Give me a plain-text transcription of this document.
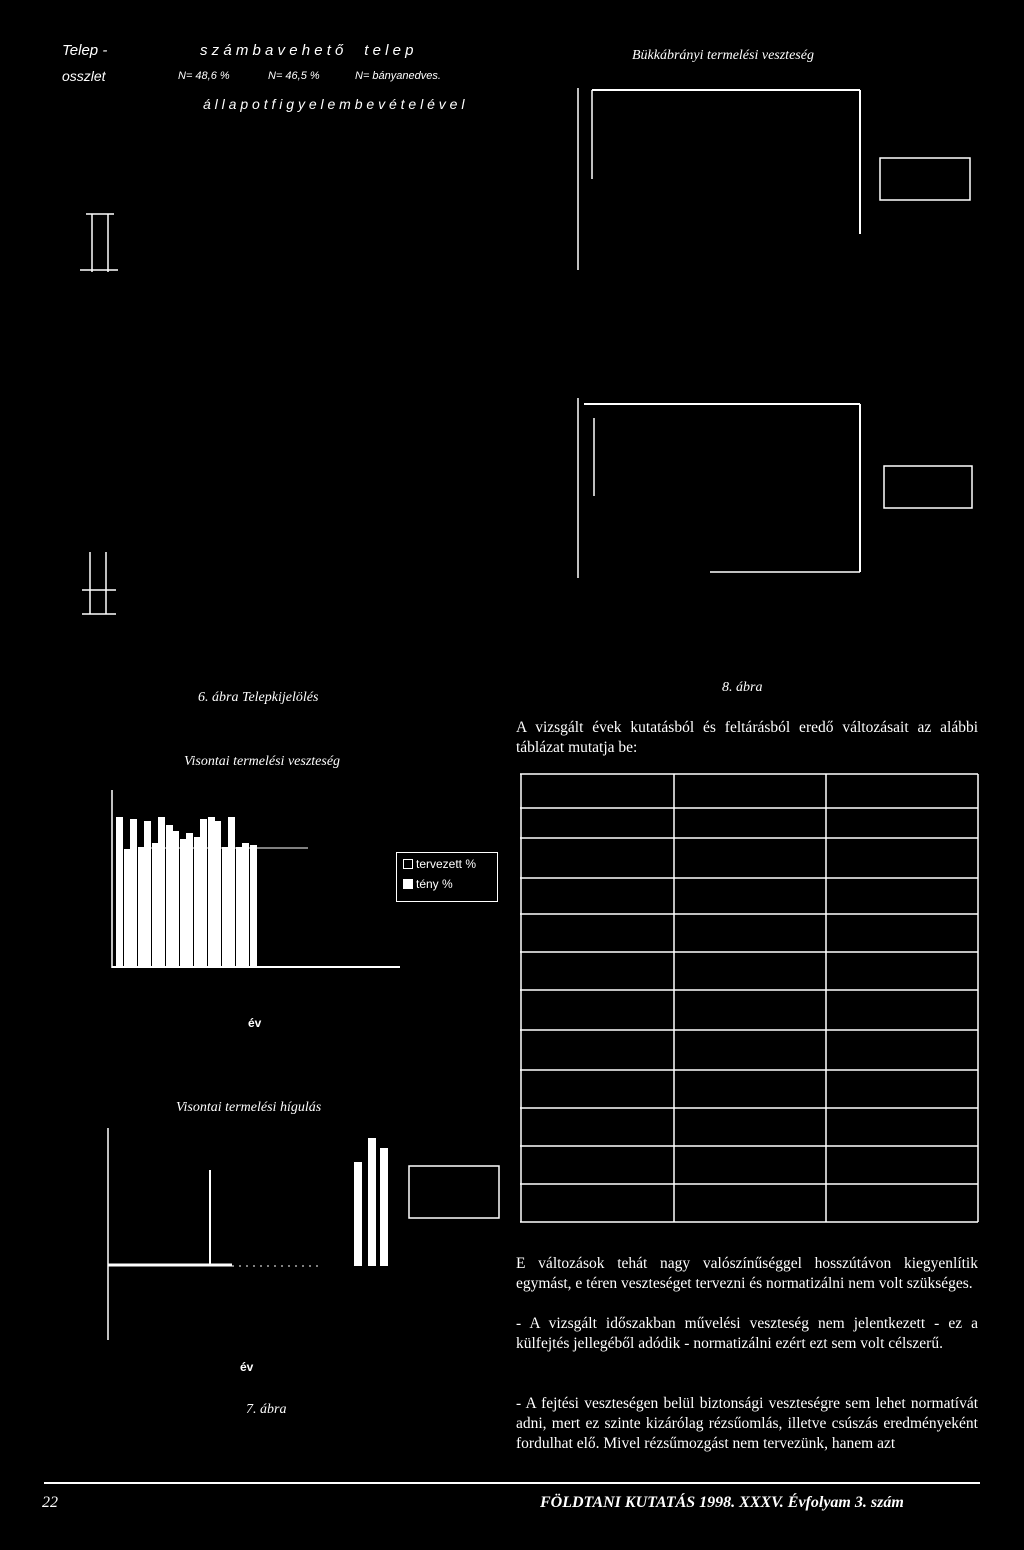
Telep -
osszlet
s z á m b a v e h e t ő     t e l e p
N= 48,6 %	N= 46,5 %	N= bányanedves.
á l l a p o t f i g y e l e m b e v é t e l é v e l
6. ábra Telepkijelölés
Bükkábrányi termelési veszteség
8. ábra
Visontai termelési veszteség
tervezett %
tény %
év
Visontai termelési hígulás
év
7. ábra
A vizsgált évek kutatásból és feltárásból eredő változásait az alábbi táblázat mutatja be:
E változások tehát nagy valószínűséggel hosszútávon kiegyenlítik egymást, e téren veszteséget tervezni és normatizálni nem volt szükséges.
- A vizsgált időszakban művelési veszteség nem jelentkezett - ez a külfejtés jellegéből adódik - normatizálni ezért ezt sem volt célszerű.
- A fejtési veszteségen belül biztonsági veszteségre sem lehet normatívát adni, mert ez szinte kizárólag rézsűomlás, illetve csúszás eredményeként fordulhat elő. Mivel rézsűmozgást nem tervezünk, hanem azt
22	FÖLDTANI KUTATÁS 1998. XXXV. Évfolyam 3. szám
